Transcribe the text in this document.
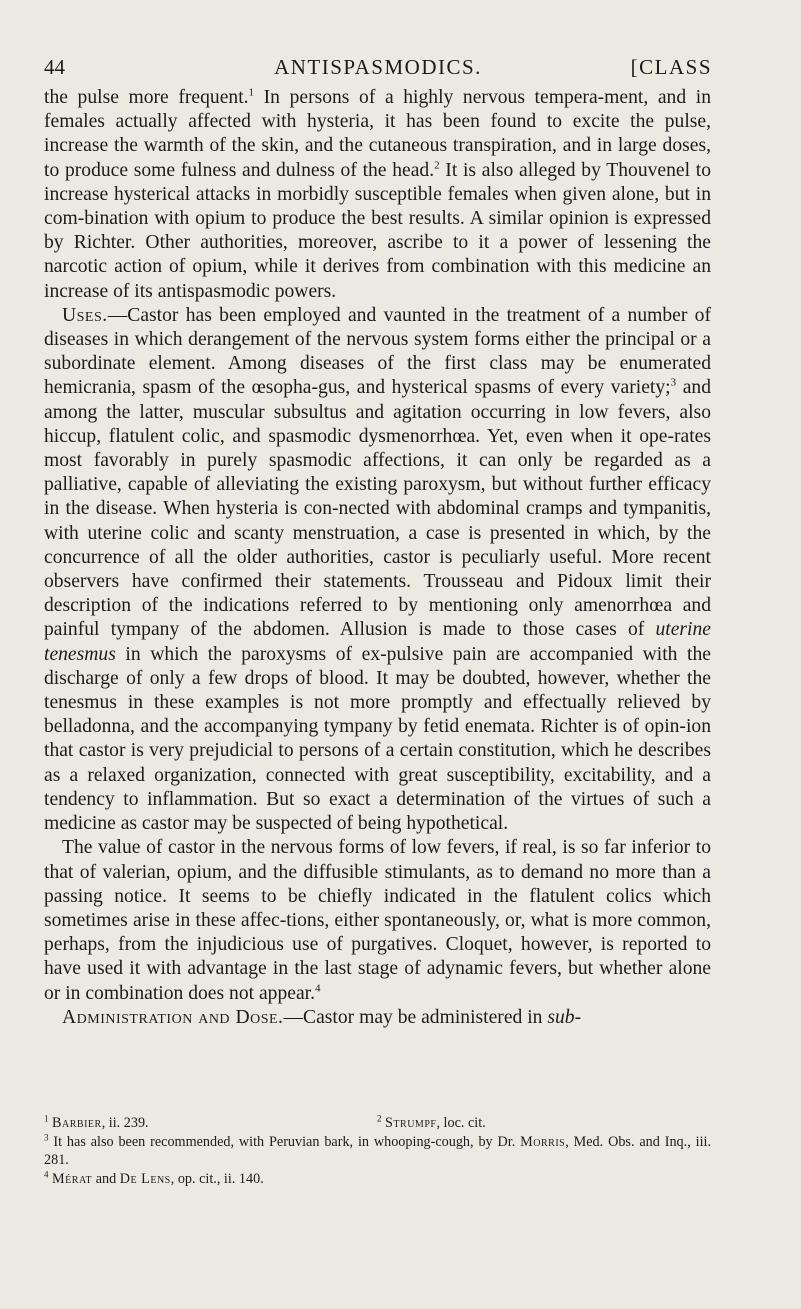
44	ANTISPASMODICS.	[CLASS

the pulse more frequent.$^1$ In persons of a highly nervous tempera-ment, and in females actually affected with hysteria, it has been found to excite the pulse, increase the warmth of the skin, and the cutaneous transpiration, and in large doses, to produce some fulness and dulness of the head.$^2$ It is also alleged by Thouvenel to increase hysterical attacks in morbidly susceptible females when given alone, but in com-bination with opium to produce the best results. A similar opinion is expressed by Richter. Other authorities, moreover, ascribe to it a power of lessening the narcotic action of opium, while it derives from combination with this medicine an increase of its antispasmodic powers.

Uses.—Castor has been employed and vaunted in the treatment of a number of diseases in which derangement of the nervous system forms either the principal or a subordinate element. Among diseases of the first class may be enumerated hemicrania, spasm of the œsopha-gus, and hysterical spasms of every variety;$^3$ and among the latter, muscular subsultus and agitation occurring in low fevers, also hiccup, flatulent colic, and spasmodic dysmenorrhœa. Yet, even when it ope-rates most favorably in purely spasmodic affections, it can only be regarded as a palliative, capable of alleviating the existing paroxysm, but without further efficacy in the disease. When hysteria is con-nected with abdominal cramps and tympanitis, with uterine colic and scanty menstruation, a case is presented in which, by the concurrence of all the older authorities, castor is peculiarly useful. More recent observers have confirmed their statements. Trousseau and Pidoux limit their description of the indications referred to by mentioning only amenorrhœa and painful tympany of the abdomen. Allusion is made to those cases of uterine tenesmus in which the paroxysms of ex-pulsive pain are accompanied with the discharge of only a few drops of blood. It may be doubted, however, whether the tenesmus in these examples is not more promptly and effectually relieved by belladonna, and the accompanying tympany by fetid enemata. Richter is of opin-ion that castor is very prejudicial to persons of a certain constitution, which he describes as a relaxed organization, connected with great susceptibility, excitability, and a tendency to inflammation. But so exact a determination of the virtues of such a medicine as castor may be suspected of being hypothetical.

The value of castor in the nervous forms of low fevers, if real, is so far inferior to that of valerian, opium, and the diffusible stimulants, as to demand no more than a passing notice. It seems to be chiefly indicated in the flatulent colics which sometimes arise in these affec-tions, either spontaneously, or, what is more common, perhaps, from the injudicious use of purgatives. Cloquet, however, is reported to have used it with advantage in the last stage of adynamic fevers, but whether alone or in combination does not appear.$^4$

Administration and Dose.—Castor may be administered in sub-

$^1$ Barbier, ii. 239.	$^2$ Strumpf, loc. cit.

$^3$ It has also been recommended, with Peruvian bark, in whooping-cough, by Dr. Morris, Med. Obs. and Inq., iii. 281.

$^4$ Mérat and De Lens, op. cit., ii. 140.
